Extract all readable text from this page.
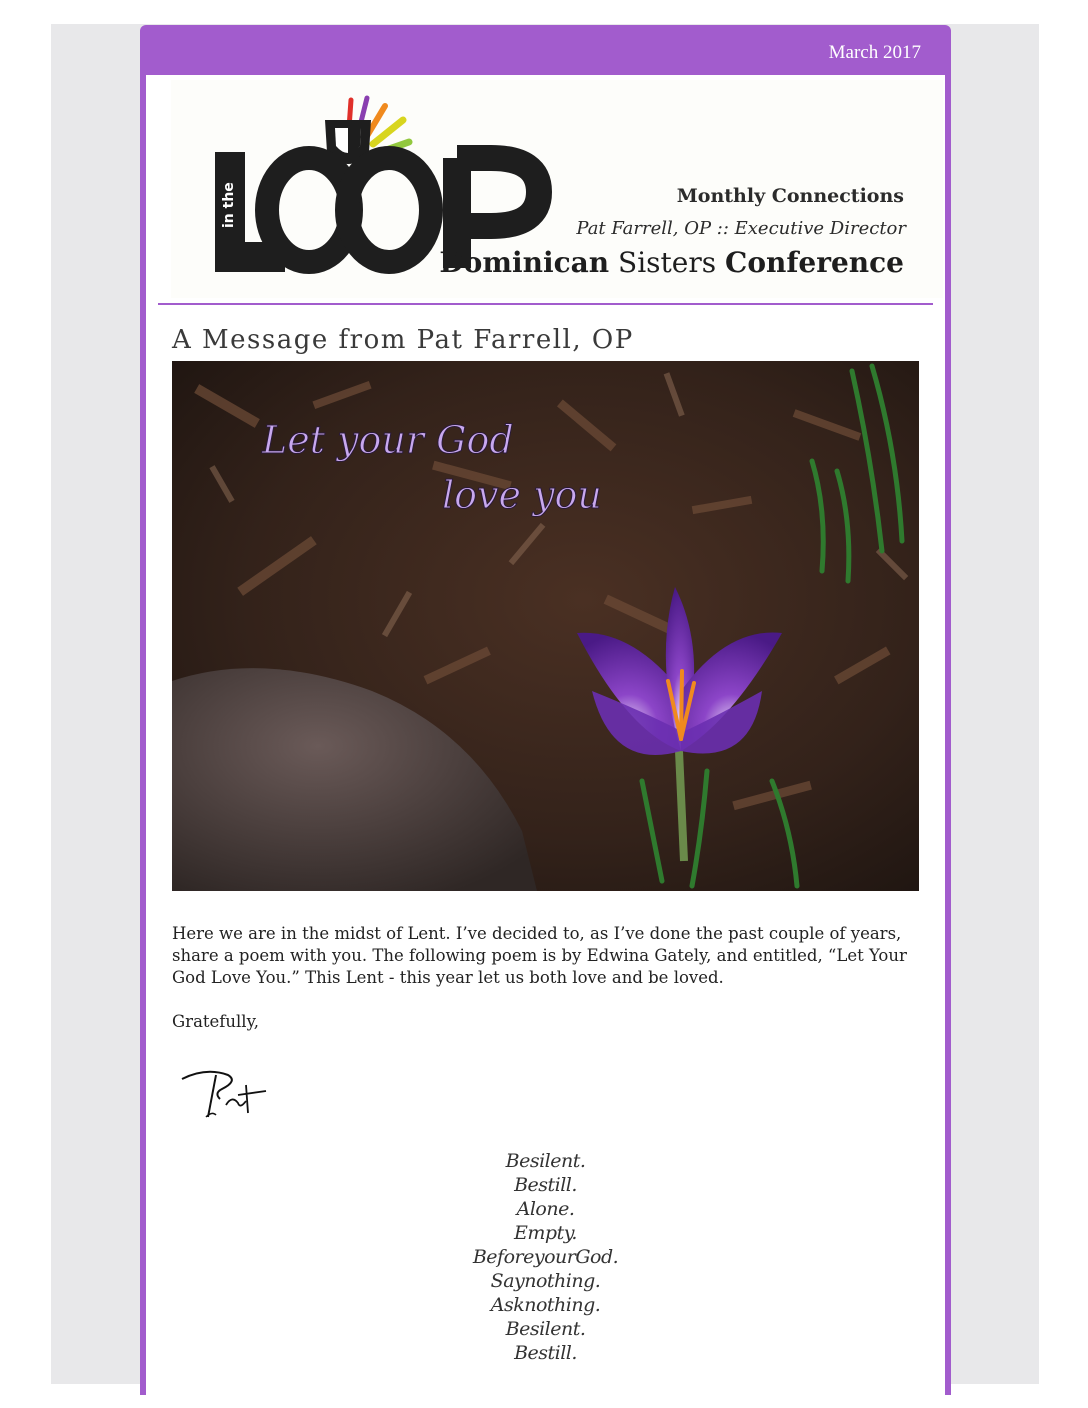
March 2017
in the	Monthly Connections
Pat Farrell, OP :: Executive Director
Dominican Sisters Conference
A Message from Pat Farrell, OP
Let your God
love you

Here we are in the midst of Lent. I’ve decided to, as I’ve done the past couple of years, share a poem with you. The following poem is by Edwina Gately, and entitled, “Let Your God Love You.” This Lent - this year let us both love and be loved.

Gratefully,

Pat
Besilent.
Bestill.
Alone.
Empty.
BeforeyourGod.
Saynothing.
Asknothing.
Besilent.
Bestill.
